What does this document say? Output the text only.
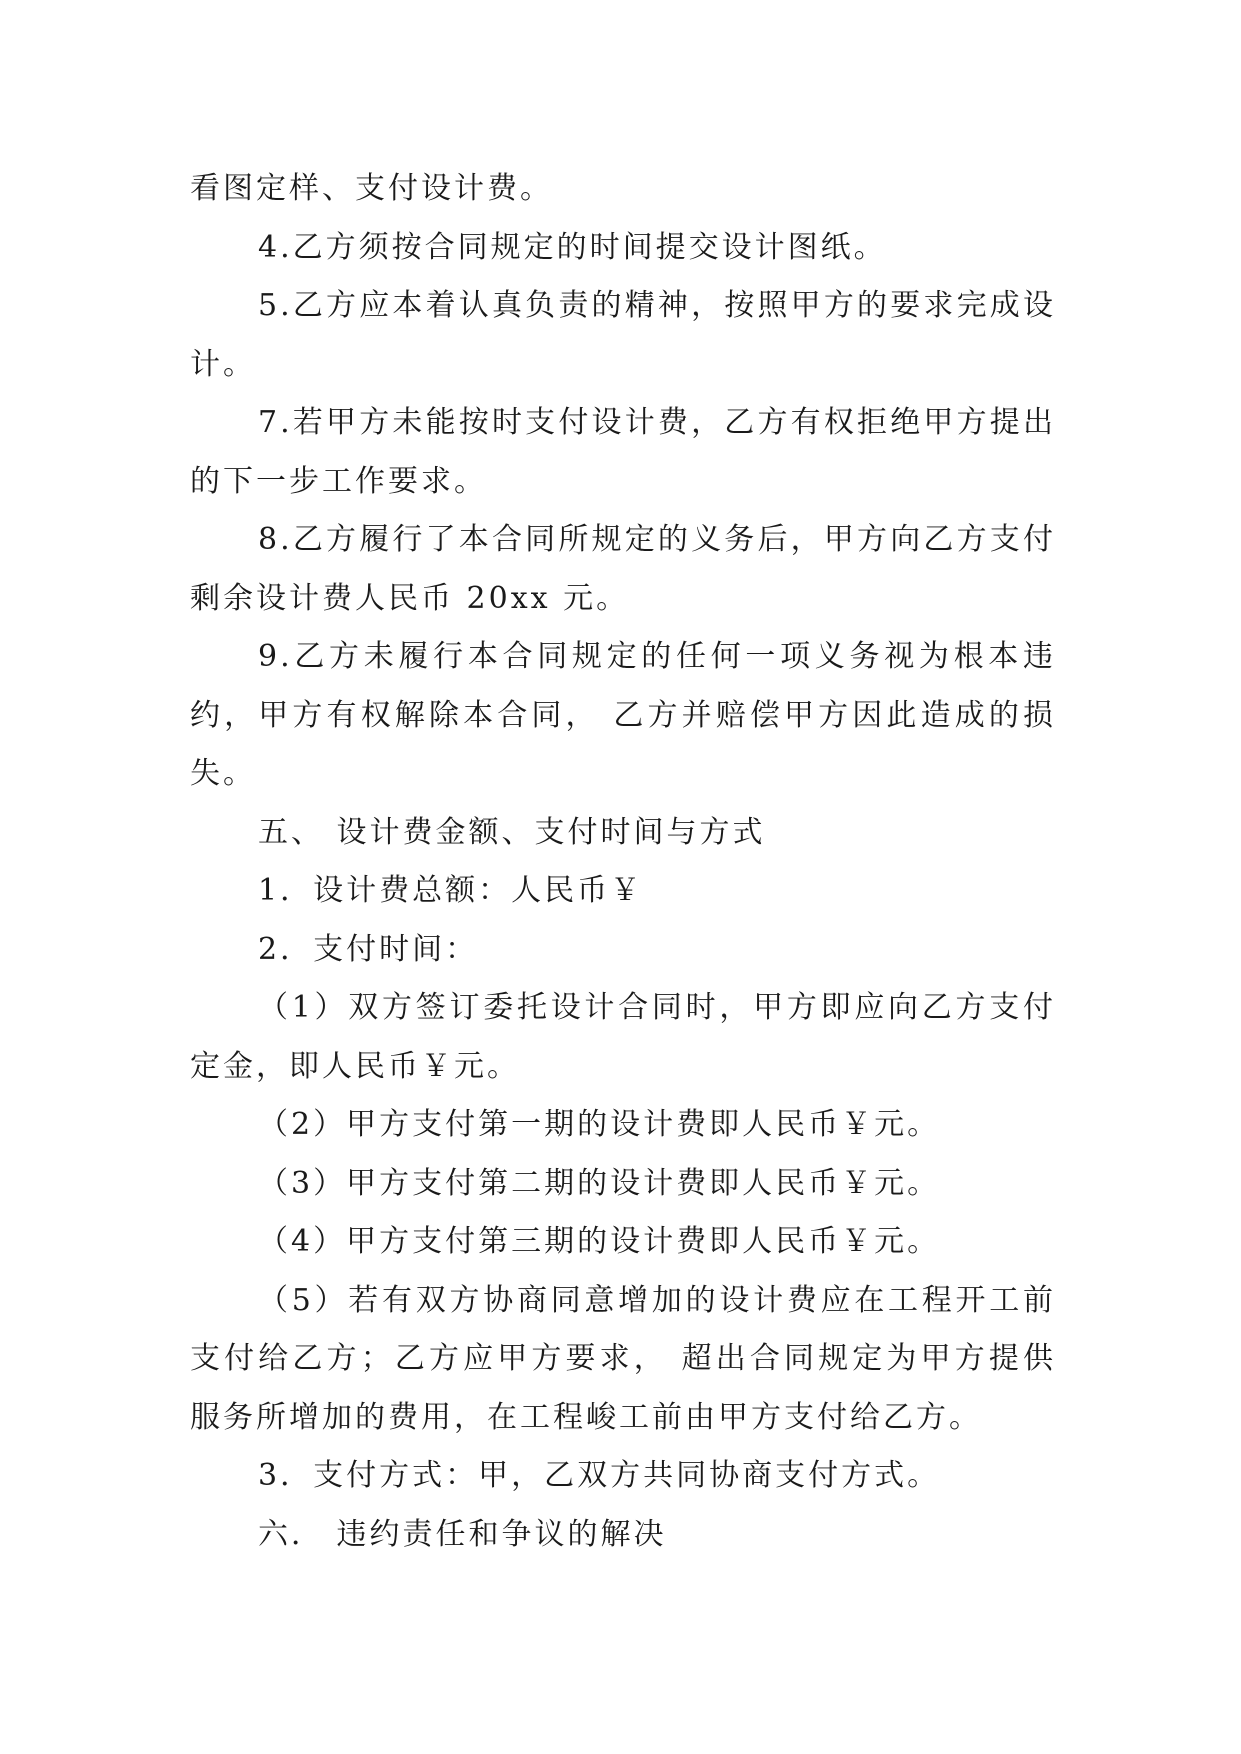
看图定样、支付设计费。

4.乙方须按合同规定的时间提交设计图纸。

5.乙方应本着认真负责的精神，按照甲方的要求完成设计。

7.若甲方未能按时支付设计费，乙方有权拒绝甲方提出的下一步工作要求。

8.乙方履行了本合同所规定的义务后，甲方向乙方支付剩余设计费人民币 20xx 元。

9.乙方未履行本合同规定的任何一项义务视为根本违约，甲方有权解除本合同， 乙方并赔偿甲方因此造成的损失。

五、 设计费金额、支付时间与方式

1．设计费总额：人民币￥

2．支付时间：

（1）双方签订委托设计合同时，甲方即应向乙方支付定金，即人民币￥元。

（2）甲方支付第一期的设计费即人民币￥元。

（3）甲方支付第二期的设计费即人民币￥元。

（4）甲方支付第三期的设计费即人民币￥元。

（5）若有双方协商同意增加的设计费应在工程开工前支付给乙方；乙方应甲方要求， 超出合同规定为甲方提供服务所增加的费用，在工程峻工前由甲方支付给乙方。

3．支付方式：甲，乙双方共同协商支付方式。

六． 违约责任和争议的解决
